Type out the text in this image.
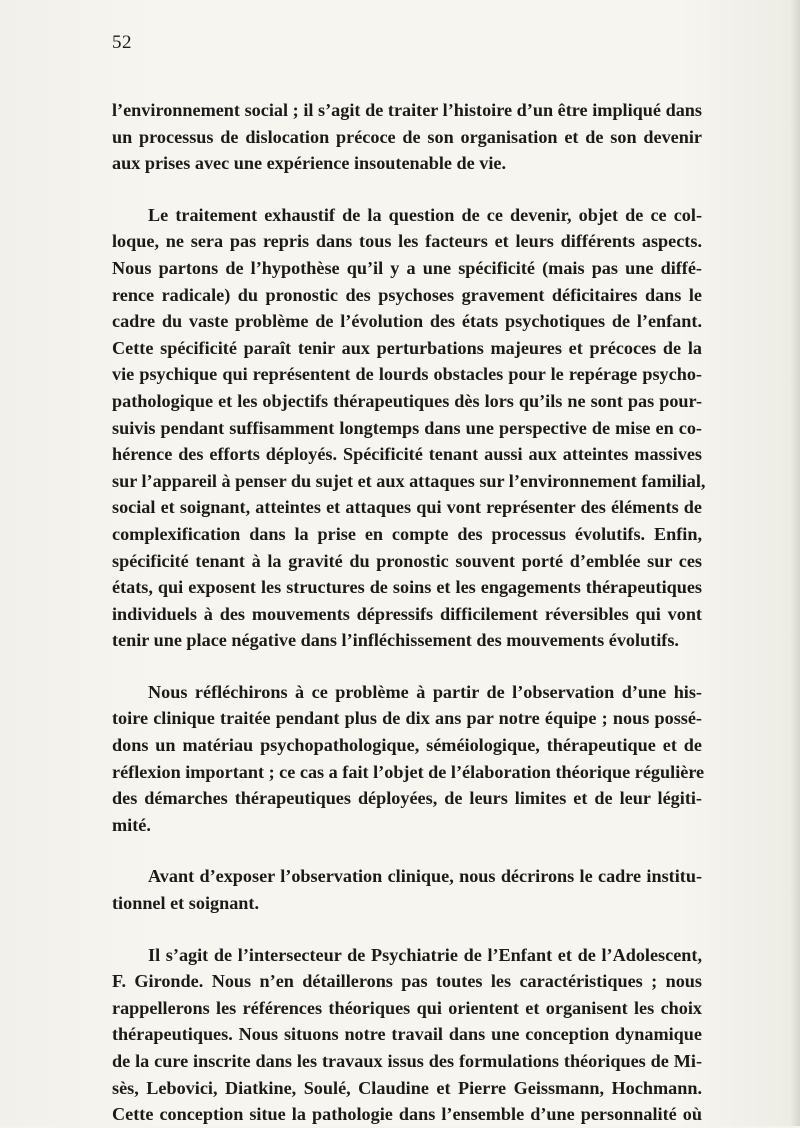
52

l’environnement social ; il s’agit de traiter l’histoire d’un être impliqué dans
un processus de dislocation précoce de son organisation et de son devenir
aux prises avec une expérience insoutenable de vie.

Le traitement exhaustif de la question de ce devenir, objet de ce col-
loque, ne sera pas repris dans tous les facteurs et leurs différents aspects.
Nous partons de l’hypothèse qu’il y a une spécificité (mais pas une diffé-
rence radicale) du pronostic des psychoses gravement déficitaires dans le
cadre du vaste problème de l’évolution des états psychotiques de l’enfant.
Cette spécificité paraît tenir aux perturbations majeures et précoces de la
vie psychique qui représentent de lourds obstacles pour le repérage psycho-
pathologique et les objectifs thérapeutiques dès lors qu’ils ne sont pas pour-
suivis pendant suffisamment longtemps dans une perspective de mise en co-
hérence des efforts déployés. Spécificité tenant aussi aux atteintes massives
sur l’appareil à penser du sujet et aux attaques sur l’environnement familial,
social et soignant, atteintes et attaques qui vont représenter des éléments de
complexification dans la prise en compte des processus évolutifs. Enfin,
spécificité tenant à la gravité du pronostic souvent porté d’emblée sur ces
états, qui exposent les structures de soins et les engagements thérapeutiques
individuels à des mouvements dépressifs difficilement réversibles qui vont
tenir une place négative dans l’infléchissement des mouvements évolutifs.

Nous réfléchirons à ce problème à partir de l’observation d’une his-
toire clinique traitée pendant plus de dix ans par notre équipe ; nous possé-
dons un matériau psychopathologique, séméiologique, thérapeutique et de
réflexion important ; ce cas a fait l’objet de l’élaboration théorique régulière
des démarches thérapeutiques déployées, de leurs limites et de leur légiti-
mité.

Avant d’exposer l’observation clinique, nous décrirons le cadre institu-
tionnel et soignant.

Il s’agit de l’intersecteur de Psychiatrie de l’Enfant et de l’Adolescent,
F. Gironde. Nous n’en détaillerons pas toutes les caractéristiques ; nous
rappellerons les références théoriques qui orientent et organisent les choix
thérapeutiques. Nous situons notre travail dans une conception dynamique
de la cure inscrite dans les travaux issus des formulations théoriques de Mi-
sès, Lebovici, Diatkine, Soulé, Claudine et Pierre Geissmann, Hochmann.
Cette conception situe la pathologie dans l’ensemble d’une personnalité où
